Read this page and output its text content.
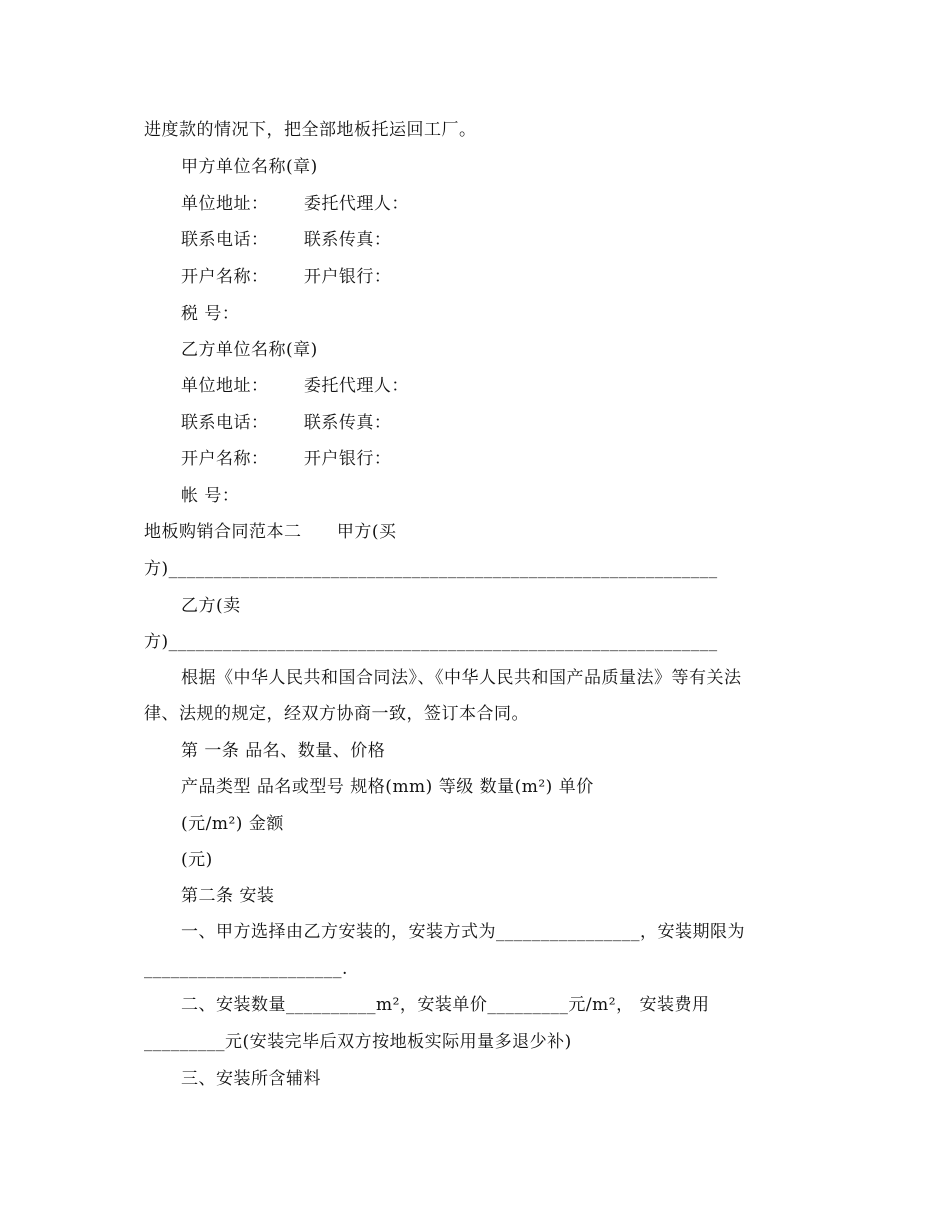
进度款的情况下，把全部地板托运回工厂。
甲方单位名称(章)
单位地址：      委托代理人：
联系电话：      联系传真：
开户名称：      开户银行：
税 号：
乙方单位名称(章)
单位地址：      委托代理人：
联系电话：      联系传真：
开户名称：      开户银行：
帐 号：
地板购销合同范本二      甲方(买
方)_____________________________________________________________
乙方(卖
方)_____________________________________________________________
根据《中华人民共和国合同法》、《中华人民共和国产品质量法》等有关法
律、法规的规定，经双方协商一致，签订本合同。
第 一条 品名、数量、价格
产品类型 品名或型号 规格(mm) 等级 数量(m²) 单价
(元/m²) 金额
(元)
第二条 安装
一、甲方选择由乙方安装的，安装方式为________________，安装期限为
______________________.
二、安装数量__________m²，安装单价_________元/m²， 安装费用
_________元(安装完毕后双方按地板实际用量多退少补)
三、安装所含辅料
